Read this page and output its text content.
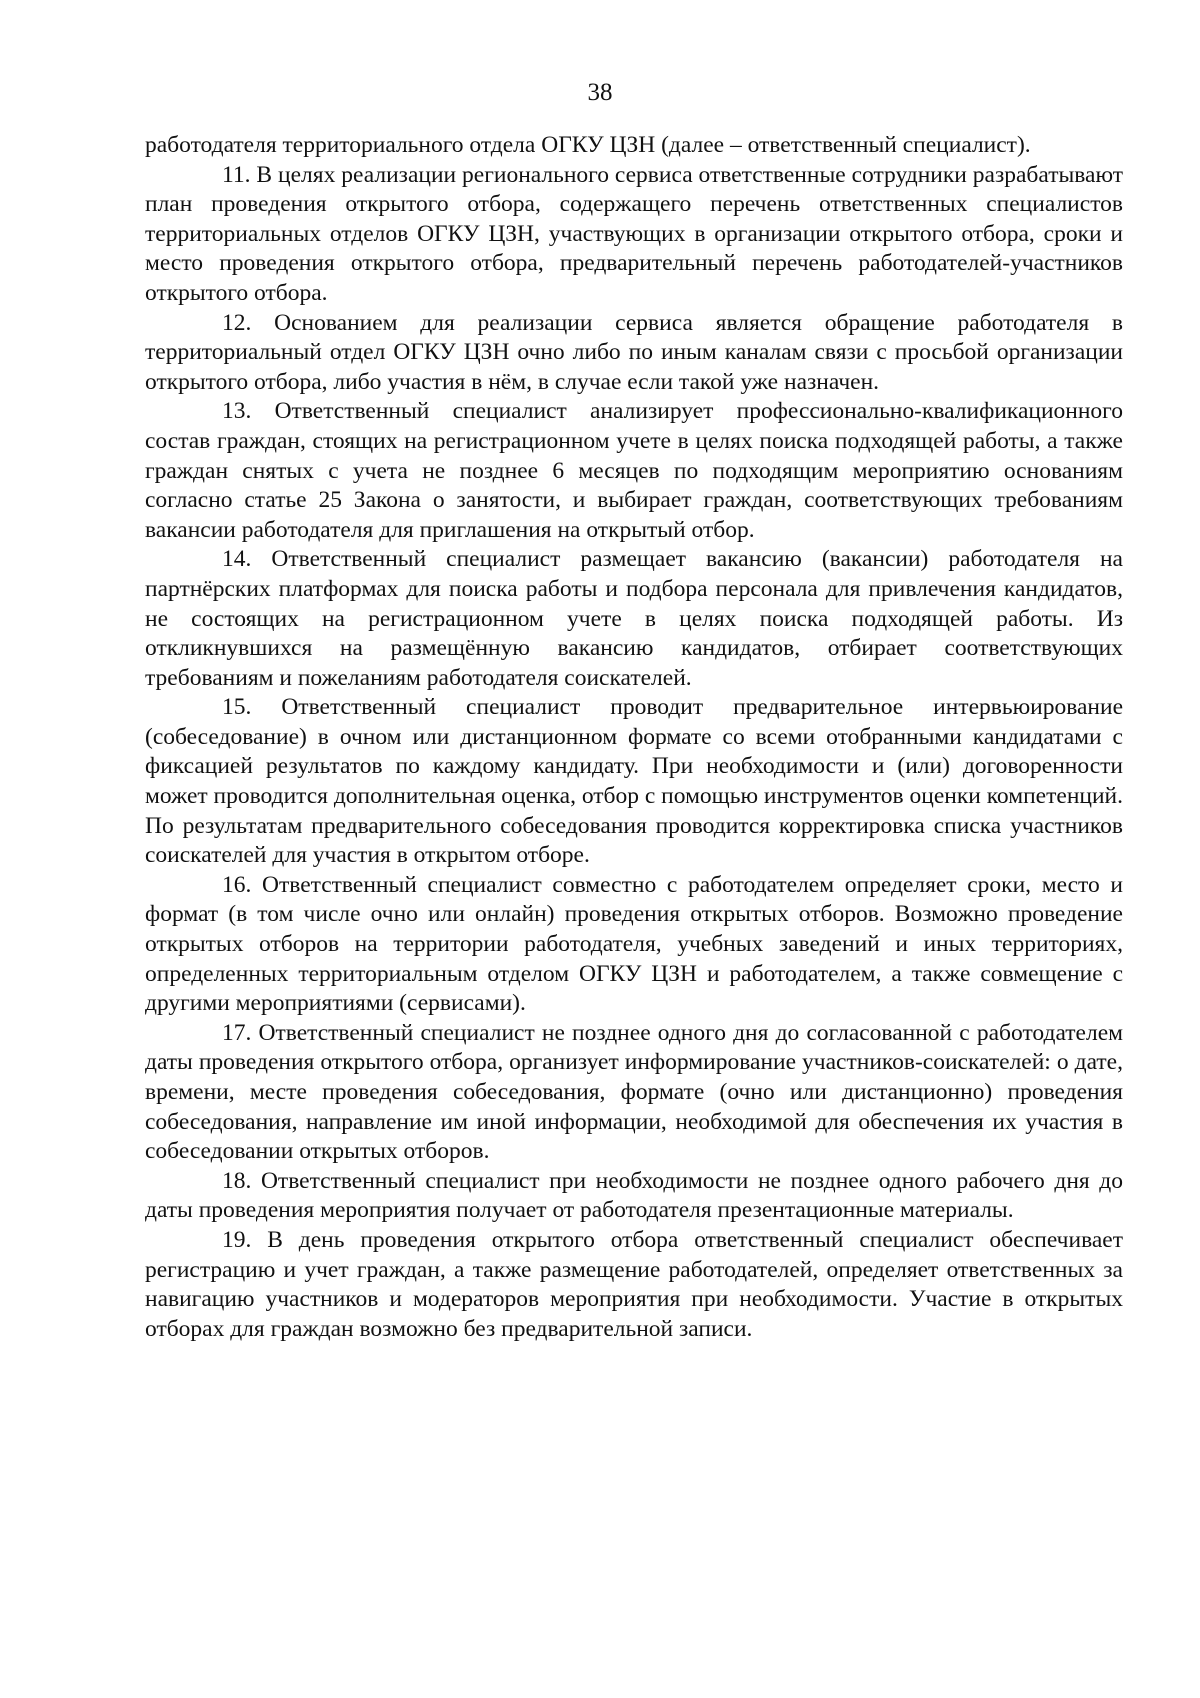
38

работодателя территориального отдела ОГКУ ЦЗН (далее – ответственный специалист).

11. В целях реализации регионального сервиса ответственные сотрудники разрабатывают план проведения открытого отбора, содержащего перечень ответственных специалистов территориальных отделов ОГКУ ЦЗН, участвующих в организации открытого отбора, сроки и место проведения открытого отбора, предварительный перечень работодателей-участников открытого отбора.

12. Основанием для реализации сервиса является обращение работодателя в территориальный отдел ОГКУ ЦЗН очно либо по иным каналам связи с просьбой организации открытого отбора, либо участия в нём, в случае если такой уже назначен.

13. Ответственный специалист анализирует профессионально-квалификационного состав граждан, стоящих на регистрационном учете в целях поиска подходящей работы, а также граждан снятых с учета не позднее 6 месяцев по подходящим мероприятию основаниям согласно статье 25 Закона о занятости, и выбирает граждан, соответствующих требованиям вакансии работодателя для приглашения на открытый отбор.

14. Ответственный специалист размещает вакансию (вакансии) работодателя на партнёрских платформах для поиска работы и подбора персонала для привлечения кандидатов, не состоящих на регистрационном учете в целях поиска подходящей работы. Из откликнувшихся на размещённую вакансию кандидатов, отбирает соответствующих требованиям и пожеланиям работодателя соискателей.

15. Ответственный специалист проводит предварительное интервьюирование (собеседование) в очном или дистанционном формате со всеми отобранными кандидатами с фиксацией результатов по каждому кандидату. При необходимости и (или) договоренности может проводится дополнительная оценка, отбор с помощью инструментов оценки компетенций. По результатам предварительного собеседования проводится корректировка списка участников соискателей для участия в открытом отборе.

16. Ответственный специалист совместно с работодателем определяет сроки, место и формат (в том числе очно или онлайн) проведения открытых отборов. Возможно проведение открытых отборов на территории работодателя, учебных заведений и иных территориях, определенных территориальным отделом ОГКУ ЦЗН и работодателем, а также совмещение с другими мероприятиями (сервисами).

17. Ответственный специалист не позднее одного дня до согласованной с работодателем даты проведения открытого отбора, организует информирование участников-соискателей: о дате, времени, месте проведения собеседования, формате (очно или дистанционно) проведения собеседования, направление им иной информации, необходимой для обеспечения их участия в собеседовании открытых отборов.

18. Ответственный специалист при необходимости не позднее одного рабочего дня до даты проведения мероприятия получает от работодателя презентационные материалы.

19. В день проведения открытого отбора ответственный специалист обеспечивает регистрацию и учет граждан, а также размещение работодателей, определяет ответственных за навигацию участников и модераторов мероприятия при необходимости. Участие в открытых отборах для граждан возможно без предварительной записи.
